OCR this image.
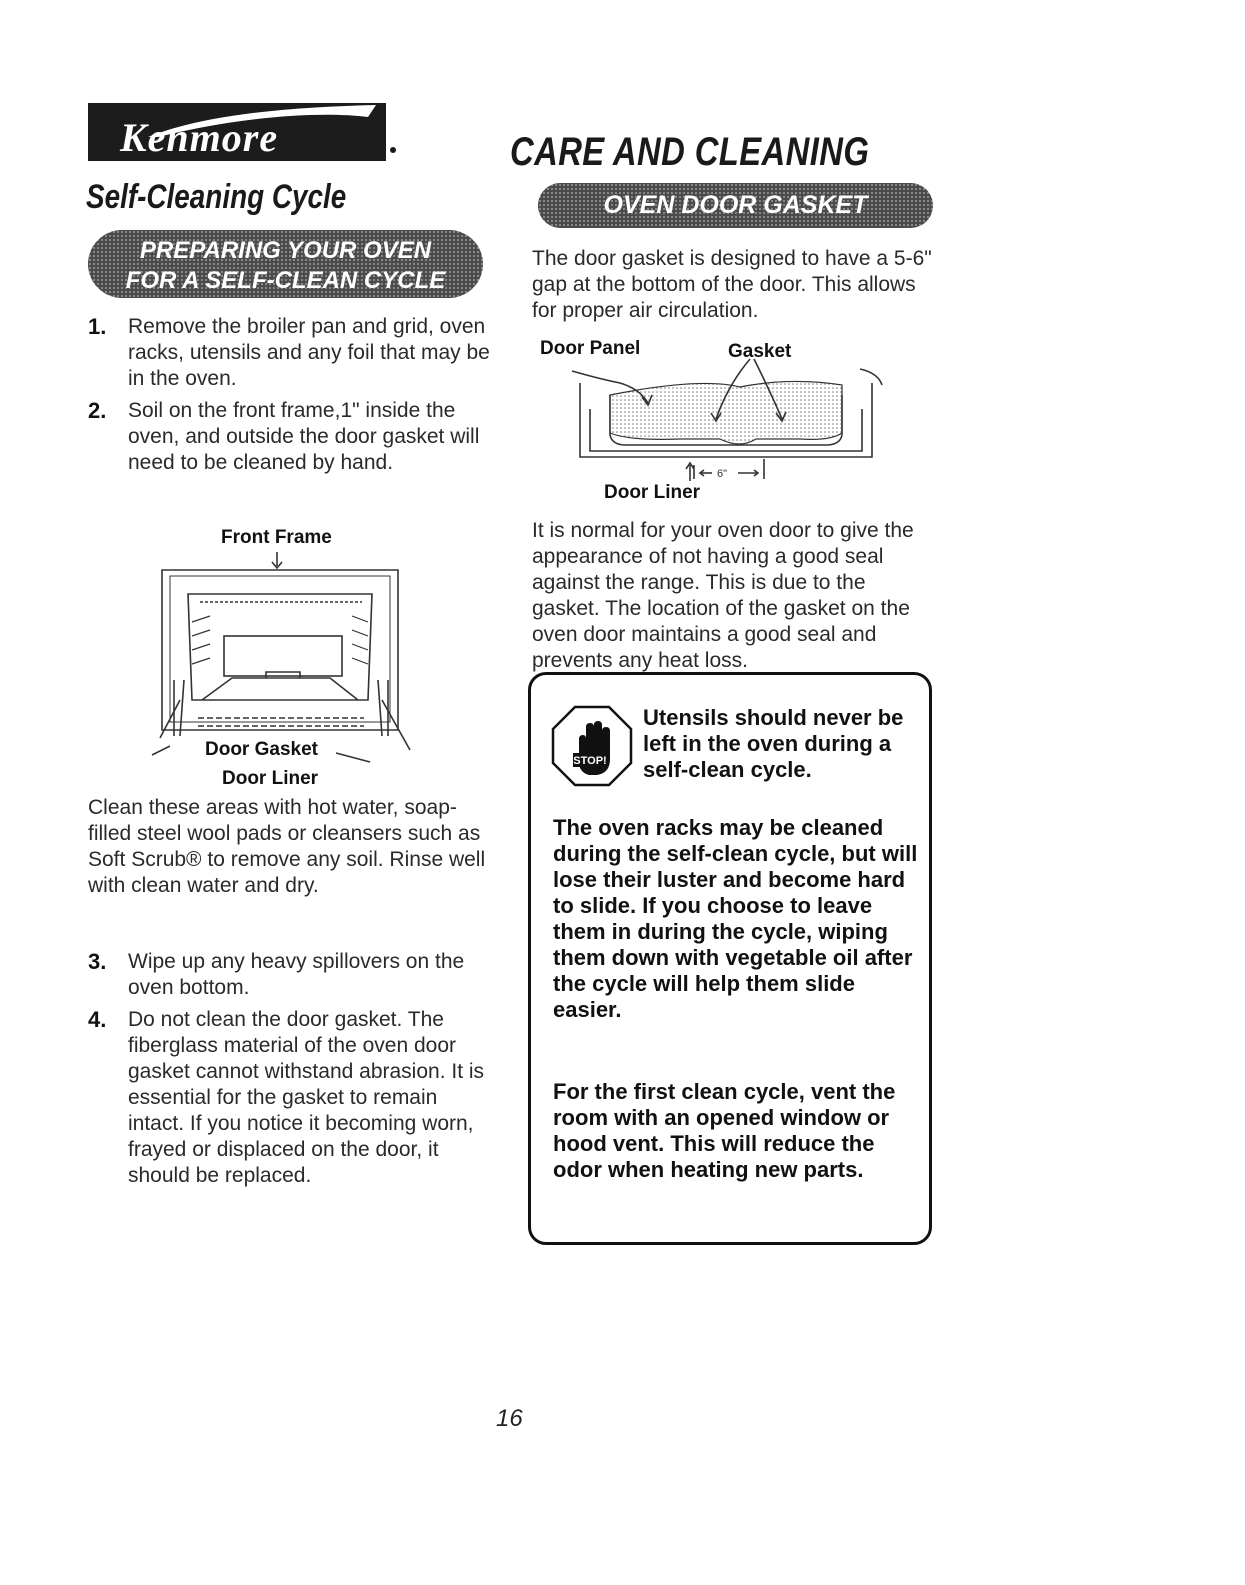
Kenmore	CARE AND CLEANING
Self-Cleaning Cycle
PREPARING YOUR OVEN
FOR A SELF-CLEAN CYCLE
1. Remove the broiler pan and grid, oven racks, utensils and any foil that may be in the oven.
2. Soil on the front frame,1" inside the oven, and outside the door gasket will need to be cleaned by hand.
Front Frame
Door Gasket
Door Liner

Clean these areas with hot water, soap-filled steel wool pads or cleansers such as Soft Scrub® to remove any soil. Rinse well with clean water and dry.

3. Wipe up any heavy spillovers on the oven bottom.
4. Do not clean the door gasket. The fiberglass material of the oven door gasket cannot withstand abrasion. It is essential for the gasket to remain intact. If you notice it becoming worn, frayed or displaced on the door, it should be replaced.
OVEN DOOR GASKET

The door gasket is designed to have a 5-6" gap at the bottom of the door. This allows for proper air circulation.

Door Panel	Gasket
6"
Door Liner

It is normal for your oven door to give the appearance of not having a good seal against the range. This is due to the gasket. The location of the gasket on the oven door maintains a good seal and prevents any heat loss.

STOP!
Utensils should never be left in the oven during a self-clean cycle.

The oven racks may be cleaned during the self-clean cycle, but will lose their luster and become hard to slide. If you choose to leave them in during the cycle, wiping them down with vegetable oil after the cycle will help them slide easier.

For the first clean cycle, vent the room with an opened window or hood vent. This will reduce the odor when heating new parts.

16
